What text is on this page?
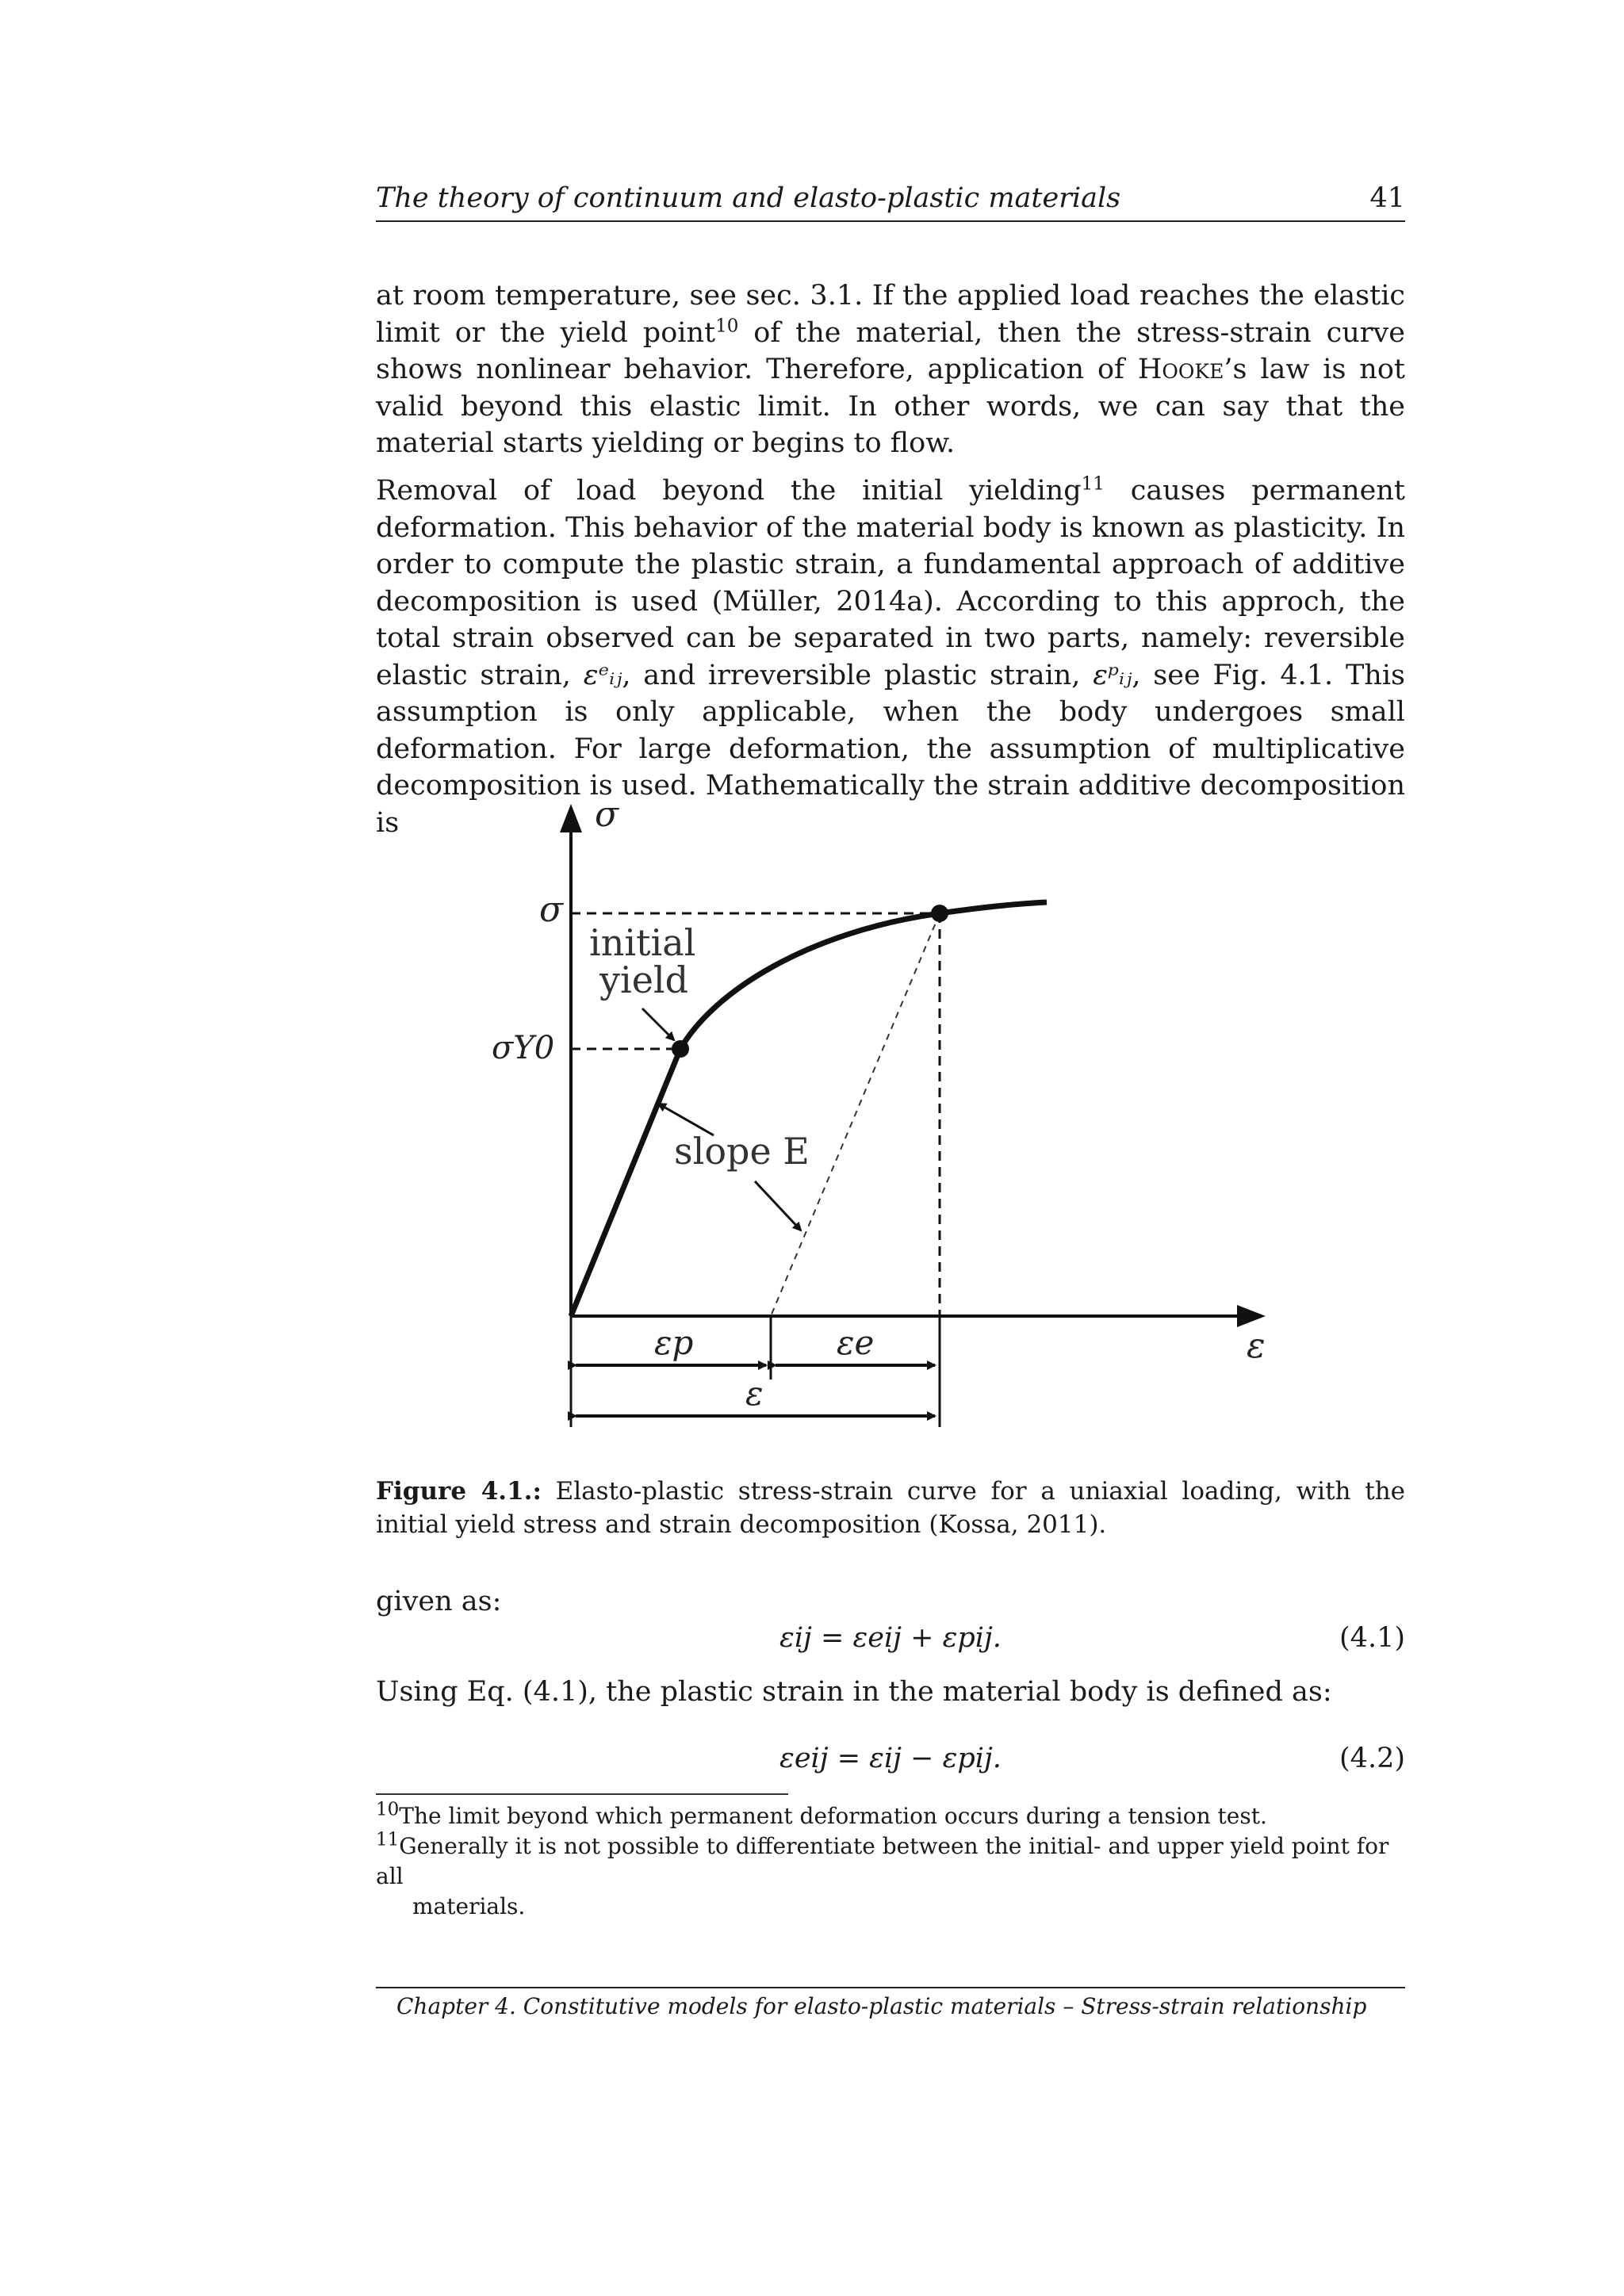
The theory of continuum and elasto-plastic materials	41
at room temperature, see sec. 3.1. If the applied load reaches the elastic limit or the yield point$^{10}$ of the material, then the stress-strain curve shows nonlinear behavior. Therefore, application of Hooke’s law is not valid beyond this elastic limit. In other words, we can say that the material starts yielding or begins to flow.
Removal of load beyond the initial yielding$^{11}$ causes permanent deformation. This behavior of the material body is known as plasticity. In order to compute the plastic strain, a fundamental approach of additive decomposition is used (Müller, 2014a). According to this approch, the total strain observed can be separated in two parts, namely: reversible elastic strain, εᵉᵢⱼ, and irreversible plastic strain, εᵖᵢⱼ, see Fig. 4.1. This assumption is only applicable, when the body undergoes small deformation. For large deformation, the assumption of multiplicative decomposition is used. Mathematically the strain additive decomposition is	σ
ε
σ
σY0
initial
yield
slope E
εp	εe
ε
Figure 4.1.: Elasto-plastic stress-strain curve for a uniaxial loading, with the initial yield stress and strain decomposition (Kossa, 2011).
given as:
εij = εeij + εpij.	(4.1)
Using Eq. (4.1), the plastic strain in the material body is defined as:
εeij = εij − εpij.	(4.2)
$^{10}$The limit beyond which permanent deformation occurs during a tension test.
$^{11}$Generally it is not possible to differentiate between the initial- and upper yield point for all
materials.
Chapter 4. Constitutive models for elasto-plastic materials – Stress-strain relationship
